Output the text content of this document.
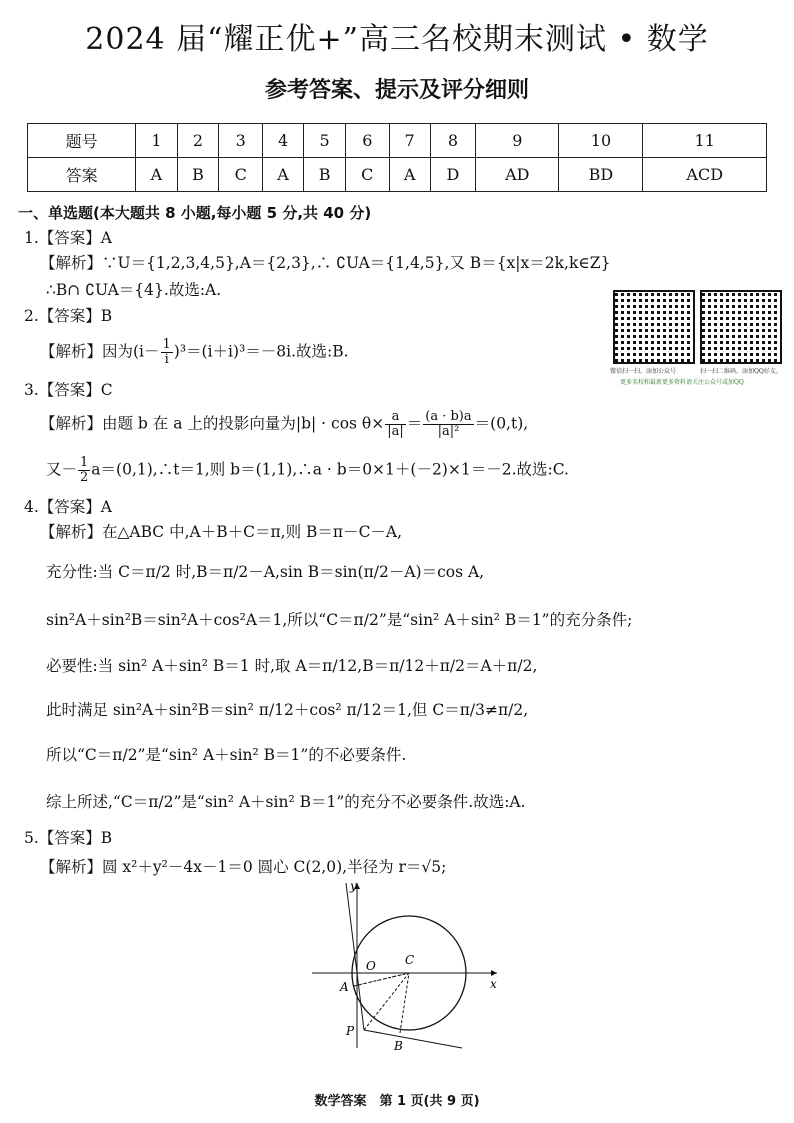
2024 届“耀正优+”高三名校期末测试 • 数学
参考答案、提示及评分细则
题号	1	2	3	4	5	6	7	8	9	10	11
答案	A	B	C	A	B	C	A	D	AD	BD	ACD
一、单选题(本大题共 8 小题,每小题 5 分,共 40 分)
1.【答案】A
【解析】∵U＝{1,2,3,4,5},A＝{2,3},∴ ∁UA＝{1,4,5},又 B＝{x|x＝2k,k∈Z}
∴B∩ ∁UA＝{4}.故选:A.
微信扫一扫，添加公众号	扫一扫二维码，添加QQ好友。
更多名校和最新更多资料请关注公众号或加QQ
2.【答案】B
【解析】因为$(i- \frac{1}{i} )^3=(i+i)^3=-8i$.故选:B.
3.【答案】C
【解析】由题 b 在 a 上的投影向量为$|b| \cdot \cos \theta\times \frac{a}{|a|} = \frac{(a \cdot b)a}{\text{|a|²}} =(0,t)$,
又－ $\frac{1}{2}$ a＝(0,1),∴t＝1,则 b＝(1,1),∴a · b＝0×1＋(－2)×1＝－2.故选:C.
4.【答案】A
【解析】在△ABC 中,A＋B＋C＝π,则 B＝π－C－A,
充分性:当 C＝π/2 时,B＝π/2－A,sin B＝sin(π/2－A)＝cos A,
sin²A＋sin²B＝sin²A＋cos²A＝1,所以“C＝π/2”是“sin² A＋sin² B＝1”的充分条件;
必要性:当 sin² A＋sin² B＝1 时,取 A＝π/12,B＝π/12＋π/2＝A＋π/2,
此时满足 sin²A＋sin²B＝sin² π/12＋cos² π/12＝1,但 C＝π/3≠π/2,
所以“C＝π/2”是“sin² A＋sin² B＝1”的不必要条件.
综上所述,“C＝π/2”是“sin² A＋sin² B＝1”的充分不必要条件.故选:A.
5.【答案】B
【解析】圆 x²＋y²－4x－1＝0 圆心 C(2,0),半径为 r＝√5;
y
x
O C
A
P
B
数学答案　第 1 页(共 9 页)
